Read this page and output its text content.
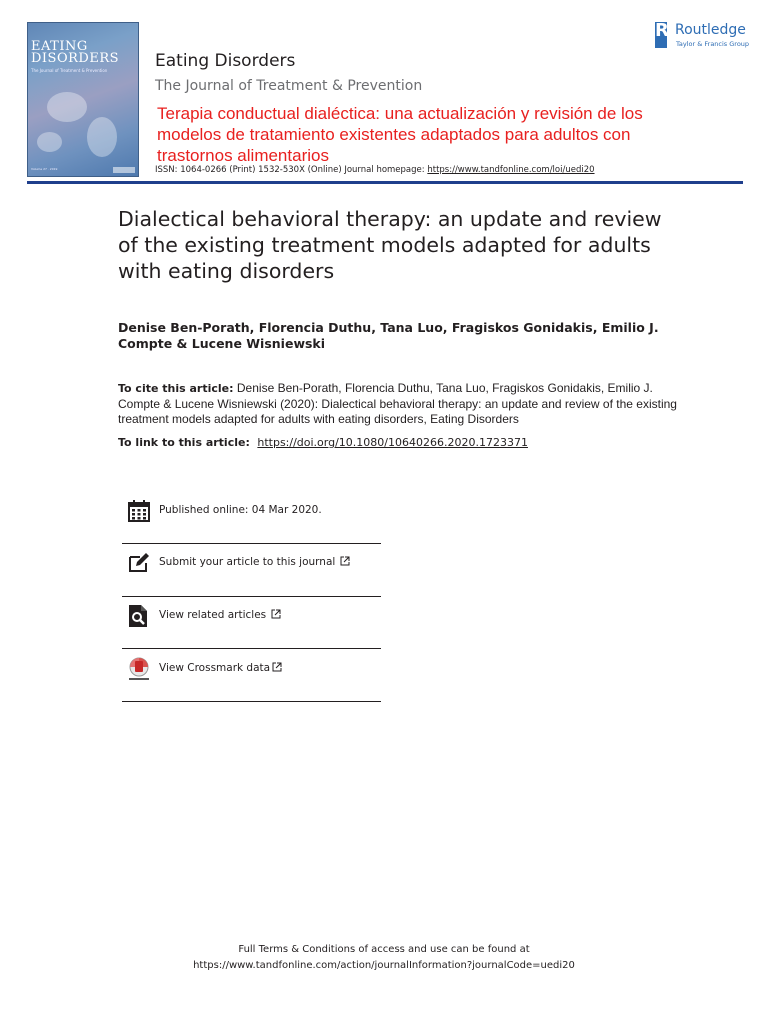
EATING
DISORDERS
The Journal of Treatment & Prevention
Volume 27 · 2019
Eating Disorders
The Journal of Treatment & Prevention
Terapia conductual dialéctica: una actualización y revisión de los modelos de tratamiento existentes adaptados para adultos con trastornos alimentarios
ISSN: 1064-0266 (Print) 1532-530X (Online) Journal homepage: https://www.tandfonline.com/loi/uedi20
R Routledge
Taylor & Francis Group
Dialectical behavioral therapy: an update and review of the existing treatment models adapted for adults with eating disorders
Denise Ben-Porath, Florencia Duthu, Tana Luo, Fragiskos Gonidakis, Emilio J. Compte & Lucene Wisniewski
To cite this article: Denise Ben-Porath, Florencia Duthu, Tana Luo, Fragiskos Gonidakis, Emilio J. Compte & Lucene Wisniewski (2020): Dialectical behavioral therapy: an update and review of the existing treatment models adapted for adults with eating disorders, Eating Disorders
To link to this article: https://doi.org/10.1080/10640266.2020.1723371
Published online: 04 Mar 2020.
Submit your article to this journal
View related articles
View Crossmark data
Full Terms & Conditions of access and use can be found at
https://www.tandfonline.com/action/journalInformation?journalCode=uedi20
